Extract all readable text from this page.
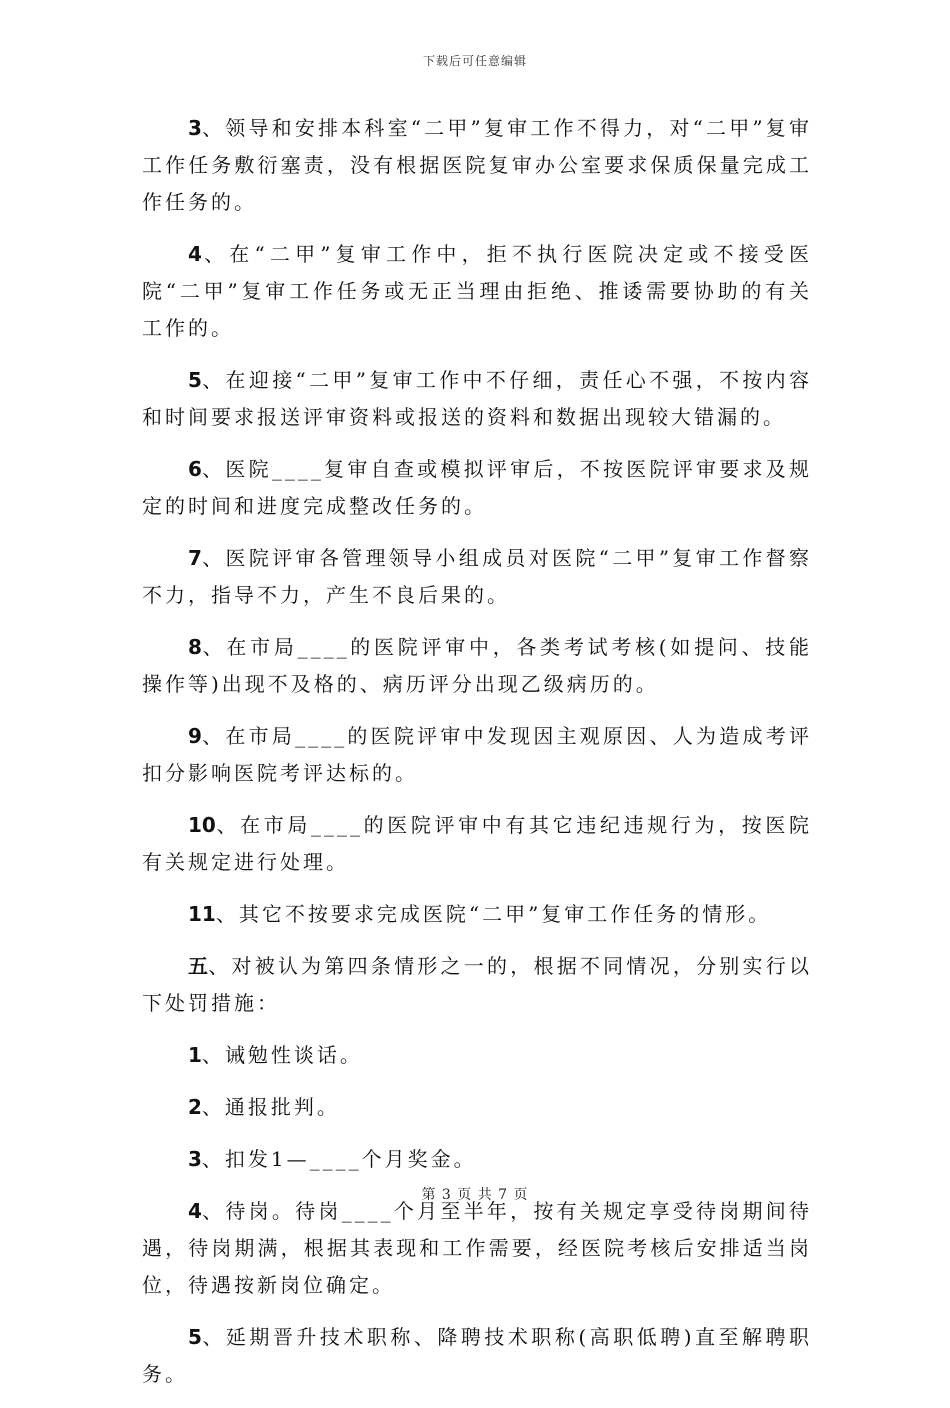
下载后可任意编辑

3、领导和安排本科室“二甲”复审工作不得力，对“二甲”复审工作任务敷衍塞责，没有根据医院复审办公室要求保质保量完成工作任务的。

4、在“二甲”复审工作中，拒不执行医院决定或不接受医院“二甲”复审工作任务或无正当理由拒绝、推诿需要协助的有关工作的。

5、在迎接“二甲”复审工作中不仔细，责任心不强，不按内容和时间要求报送评审资料或报送的资料和数据出现较大错漏的。

6、医院____复审自查或模拟评审后，不按医院评审要求及规定的时间和进度完成整改任务的。

7、医院评审各管理领导小组成员对医院“二甲”复审工作督察不力，指导不力，产生不良后果的。

8、在市局____的医院评审中，各类考试考核(如提问、技能操作等)出现不及格的、病历评分出现乙级病历的。

9、在市局____的医院评审中发现因主观原因、人为造成考评扣分影响医院考评达标的。

10、在市局____的医院评审中有其它违纪违规行为，按医院有关规定进行处理。

11、其它不按要求完成医院“二甲”复审工作任务的情形。

五、对被认为第四条情形之一的，根据不同情况，分别实行以下处罚措施：

1、诫勉性谈话。

2、通报批判。

3、扣发1—____个月奖金。

4、待岗。待岗____个月至半年，按有关规定享受待岗期间待遇，待岗期满，根据其表现和工作需要，经医院考核后安排适当岗位，待遇按新岗位确定。

5、延期晋升技术职称、降聘技术职称(高职低聘)直至解聘职务。

第 3 页 共 7 页
